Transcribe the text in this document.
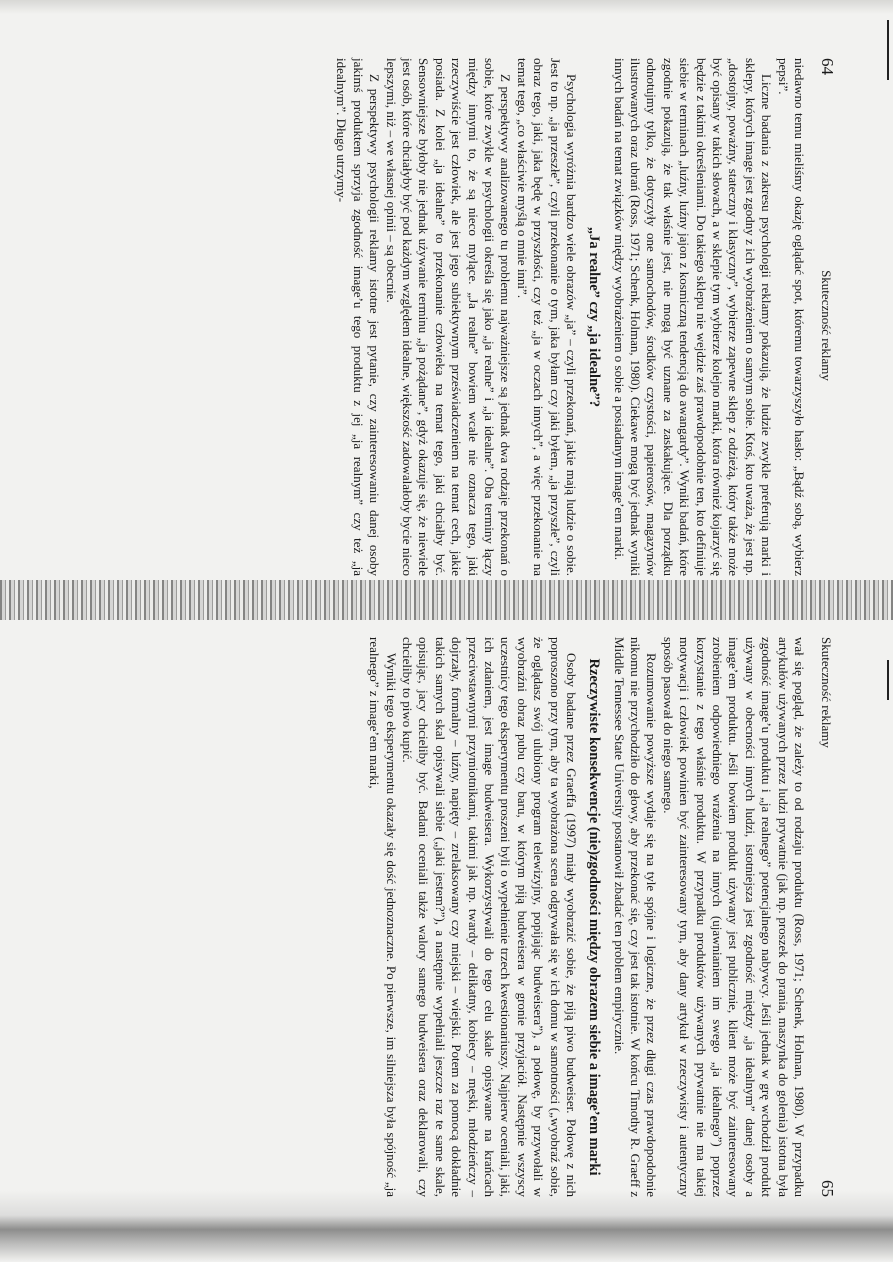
64
Skuteczność reklamy

niedawno temu mieliśmy okazję oglądać spot, któremu towarzyszyło hasło: „Bądź sobą, wybierz pepsi”.

Liczne badania z zakresu psychologii reklamy pokazują, że ludzie zwykle preferują marki i sklepy, których image jest zgodny z ich wyobrażeniem o samym sobie. Ktoś, kto uważa, że jest np. „dostojny, poważny, stateczny i klasyczny”, wybierze zapewne sklep z odzieżą, który także może być opisany w takich słowach, a w sklepie tym wybierze kolejno marki, która również kojarzyć się będzie z takimi określeniami. Do takiego sklepu nie wejdzie zaś prawdopodobnie ten, kto definiuje siebie w terminach „luźny, luźny jajon z kosmiczną tendencją do awangardy”. Wyniki badań, które zgodnie pokazują, że tak właśnie jest, nie mogą być uznane za zaskakujące. Dla porządku odnotujmy tylko, że dotyczyły one samochodów, środków czystości, papierosów, magazynów ilustrowanych oraz ubrań (Ross, 1971; Schenk, Holman, 1980). Ciekawe mogą być jednak wyniki innych badań na temat związków między wyobrażeniem o sobie a posiadanym image’em marki.

„Ja realne” czy „ja idealne”?

Psychologia wyróżnia bardzo wiele obrazów „ja” – czyli przekonań, jakie mają ludzie o sobie. Jest to np. „ja przeszłe”, czyli przekonanie o tym, jaka byłam czy jaki byłem, „ja przyszłe”, czyli obraz tego, jaki, jaka będę w przyszłości, czy też „ja w oczach innych”, a więc przekonanie na temat tego, „co właściwie myślą o mnie inni”.

Z perspektywy analizowanego tu problemu najważniejsze są jednak dwa rodzaje przekonań o sobie, które zwykle w psychologii określa się jako „ja realne” i „ja idealne”. Oba terminy łączy między innymi to, że są nieco mylące. „Ja realne” bowiem wcale nie oznacza tego, jaki rzeczywiście jest człowiek, ale jest jego subiektywnym przeświadczeniem na temat cech, jakie posiada. Z kolei „ja idealne” to przekonanie człowieka na temat tego, jaki chciałby być. Sensowniejsze byłoby nie jednak używanie terminu „ja pożądane”, gdyż okazuje się, że niewiele jest osób, które chciałyby być pod każdym względem idealne, większość zadowalałoby bycie nieco lepszymi, niż – we własnej opinii – są obecnie.

Z perspektywy psychologii reklamy istotne jest pytanie, czy zainteresowaniu danej osoby jakimś produktem sprzyja zgodność image’u tego produktu z jej „ja realnym” czy też „ja idealnym”. Długo utrzymy-

Skuteczność reklamy
65

wał się pogląd, że zależy to od rodzaju produktu (Ross, 1971; Schenk, Holman, 1980). W przypadku artykułów używanych przez ludzi prywatnie (jak np. proszek do prania, maszynka do golenia) istotna była zgodność image’u produktu i „ja realnego” potencjalnego nabywcy. Jeśli jednak w grę wchodził produkt używany w obecności innych ludzi, istotniejsza jest zgodność między „ja idealnym” danej osoby a image’em produktu. Jeśli bowiem produkt używany jest publicznie, klient może być zainteresowany zrobieniem odpowiedniego wrażenia na innych (ujawnianiem im swego „ja idealnego”) poprzez korzystanie z tego właśnie produktu. W przypadku produktów używanych prywatnie nie ma takiej motywacji i człowiek powinien być zainteresowany tym, aby dany artykuł w rzeczywisty i autentyczny sposób pasował do niego samego.

Rozumowanie powyższe wydaje się na tyle spójne i logiczne, że przez długi czas prawdopodobnie nikomu nie przychodziło do głowy, aby przekonać się, czy jest tak istotnie. W końcu Timothy R. Graeff z Middle Tennessee State University postanowił zbadać ten problem empirycznie.

Rzeczywiste konsekwencje (nie)zgodności między obrazem siebie a image’em marki

Osoby badane przez Graeffa (1997) miały wyobrazić sobie, że piją piwo budweiser. Połowę z nich poproszono przy tym, aby ta wyobrażona scena odgrywała się w ich domu w samotności („wyobraź sobie, że oglądasz swój ulubiony program telewizyjny, popijając budweisera”), a połowę, by przywołali w wyobraźni obraz pubu czy baru, w którym piją budweisera w gronie przyjaciół. Następnie wszyscy uczestnicy tego eksperymentu proszeni byli o wypełnienie trzech kwestionariuszy. Najpierw oceniali, jaki, ich zdaniem, jest image budweisera. Wykorzystywali do tego celu skale opisywane na krańcach przeciwstawnymi przymiotnikami, takimi jak np. twardy – delikatny, kobiecy – męski, młodzieńczy – dojrzały, formalny – luźny, napięty – zrelaksowany czy miejski – wiejski. Potem za pomocą dokładnie takich samych skal opisywali siebie („jaki jestem?”), a następnie wypełniali jeszcze raz te same skale, opisując, jacy chcieliby być. Badani oceniali także walory samego budweisera oraz deklarowali, czy chcieliby to piwo kupić.

Wyniki tego eksperymentu okazały się dość jednoznaczne. Po pierwsze, im silniejsza była spójność „ja realnego” z image’em marki,
